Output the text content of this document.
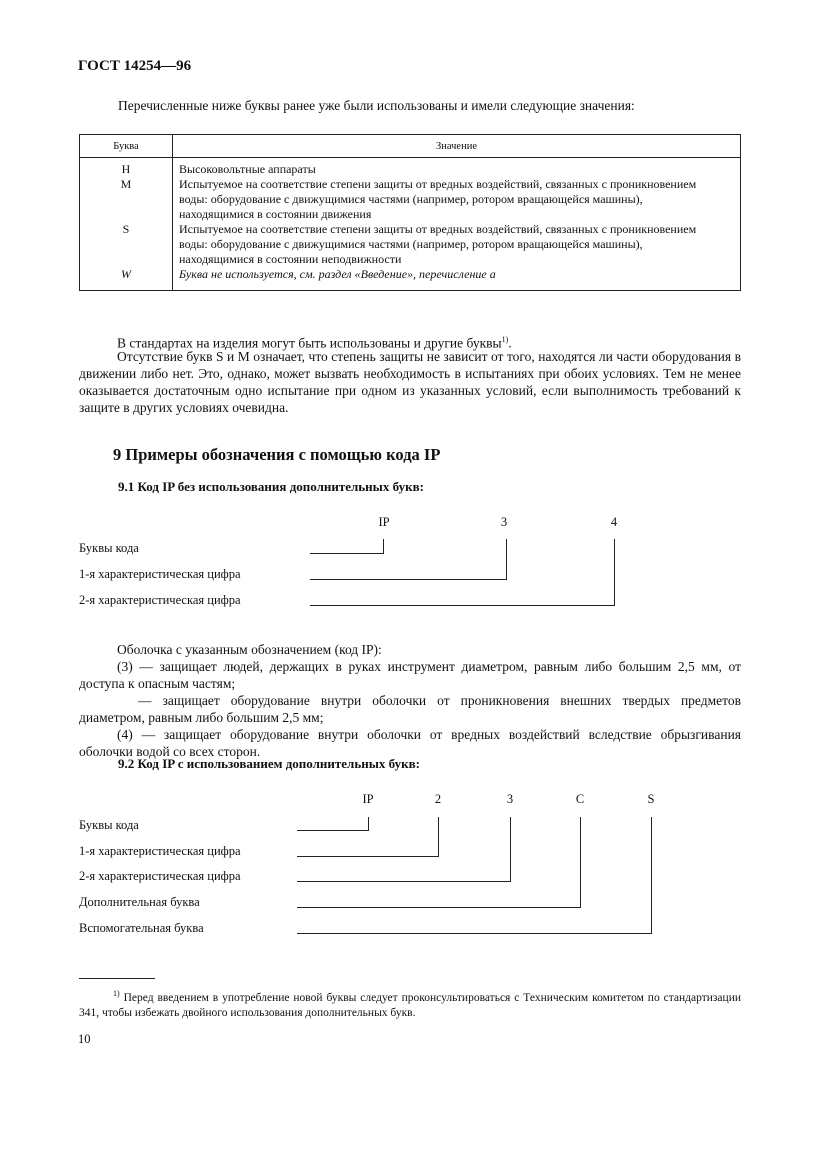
ГОСТ 14254—96
Перечисленные ниже буквы ранее уже были использованы и имели следующие значения:
Буква	Значение
H	Высоковольтные аппараты
M	Испытуемое на соответствие степени защиты от вредных воздействий, связанных с проникновением воды: оборудование с движущимися частями (например, ротором вращающейся машины), находящимися в состоянии движения
S	Испытуемое на соответствие степени защиты от вредных воздействий, связанных с проникновением воды: оборудование с движущимися частями (например, ротором вращающейся машины), находящимися в состоянии неподвижности
W	Буква не используется, см. раздел «Введение», перечисление а
В стандартах на изделия могут быть использованы и другие буквы$^{1)}$.
Отсутствие букв S и M означает, что степень защиты не зависит от того, находятся ли части оборудования в движении либо нет. Это, однако, может вызвать необходимость в испытаниях при обоих условиях. Тем не менее оказывается достаточным одно испытание при одном из указанных условий, если выполнимость требований к защите в других условиях очевидна.
9 Примеры обозначения с помощью кода IP
9.1 Код IP без использования дополнительных букв:
IP	3	4
Буквы кода
1-я характеристическая цифра
2-я характеристическая цифра
Оболочка с указанным обозначением (код IP):
(3) — защищает людей, держащих в руках инструмент диаметром, равным либо большим 2,5 мм, от доступа к опасным частям;
— защищает оборудование внутри оболочки от проникновения внешних твердых предметов диаметром, равным либо большим 2,5 мм;
(4) — защищает оборудование внутри оболочки от вредных воздействий вследствие обрызгивания оболочки водой со всех сторон.
9.2 Код IP с использованием дополнительных букв:
IP	2	3	C	S
Буквы кода
1-я характеристическая цифра
2-я характеристическая цифра
Дополнительная буква
Вспомогательная буква
$^{1)}$ Перед введением в употребление новой буквы следует проконсультироваться с Техническим комитетом по стандартизации 341, чтобы избежать двойного использования дополнительных букв.
10
